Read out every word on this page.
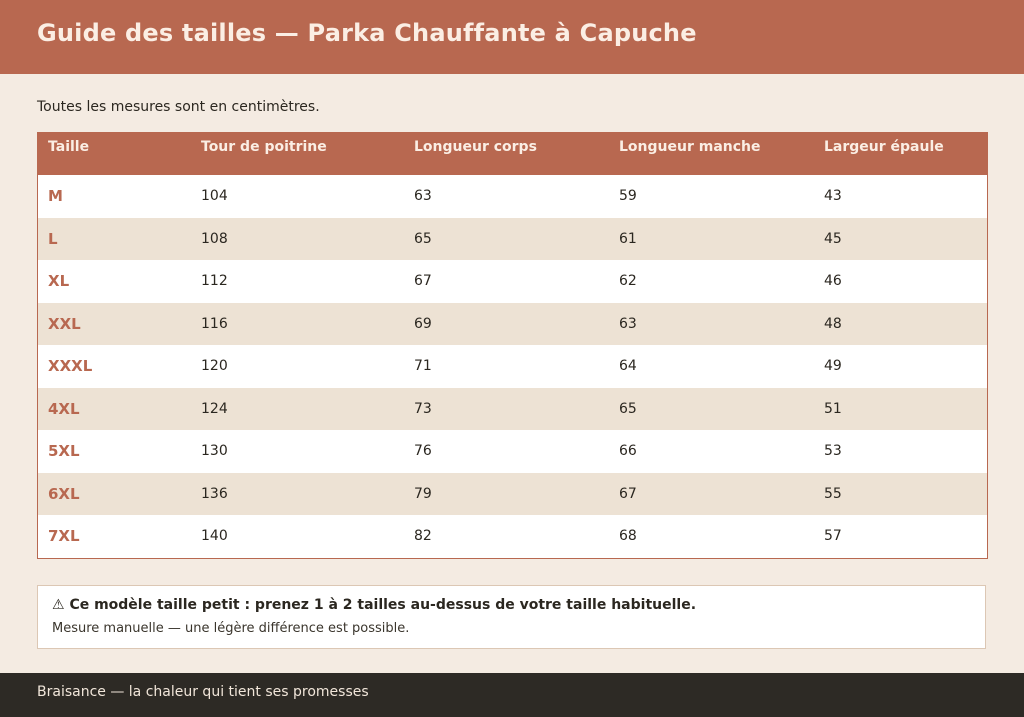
Guide des tailles — Parka Chauffante à Capuche
Toutes les mesures sont en centimètres.
Taille	Tour de poitrine	Longueur corps	Longueur manche	Largeur épaule
M	104	63	59	43
L	108	65	61	45
XL	112	67	62	46
XXL	116	69	63	48
XXXL	120	71	64	49
4XL	124	73	65	51
5XL	130	76	66	53
6XL	136	79	67	55
7XL	140	82	68	57
⚠ Ce modèle taille petit : prenez 1 à 2 tailles au-dessus de votre taille habituelle.
Mesure manuelle — une légère différence est possible.
Braisance — la chaleur qui tient ses promesses
